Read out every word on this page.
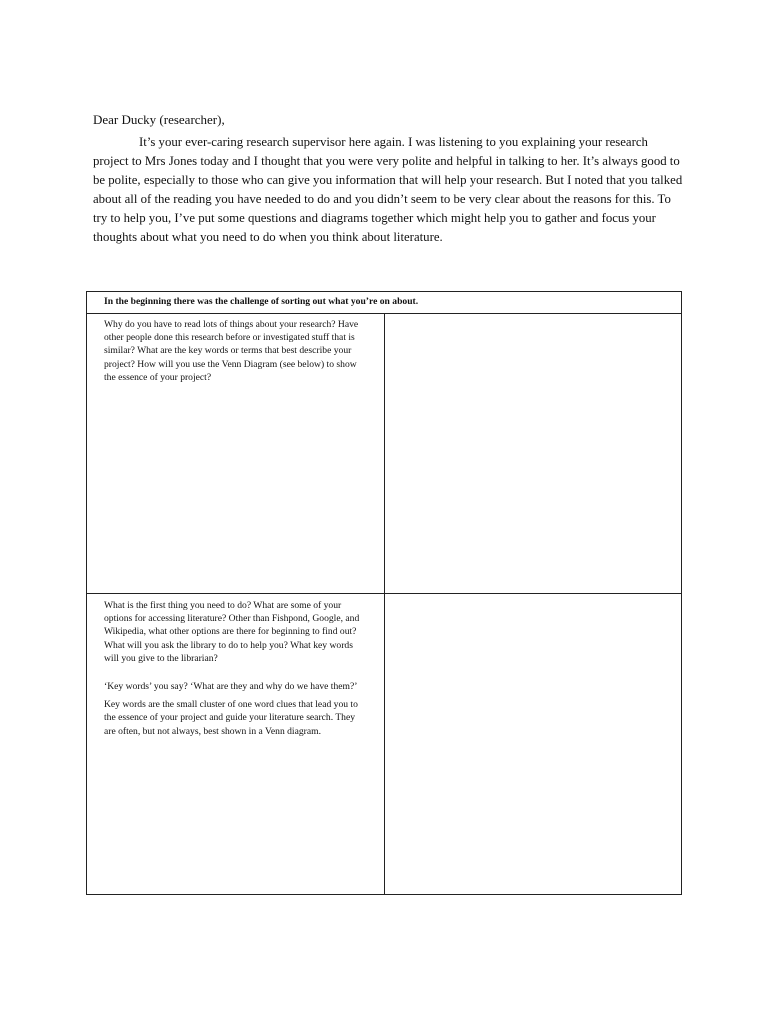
Dear Ducky (researcher),

It’s your ever-caring research supervisor here again. I was listening to you explaining your research project to Mrs Jones today and I thought that you were very polite and helpful in talking to her. It’s always good to be polite, especially to those who can give you information that will help your research. But I noted that you talked about all of the reading you have needed to do and you didn’t seem to be very clear about the reasons for this. To try to help you, I’ve put some questions and diagrams together which might help you to gather and focus your thoughts about what you need to do when you think about literature.

In the beginning there was the challenge of sorting out what you’re on about.

Why do you have to read lots of things about your research? Have other people done this research before or investigated stuff that is similar? What are the key words or terms that best describe your project? How will you use the Venn Diagram (see below) to show the essence of your project?

What is the first thing you need to do? What are some of your options for accessing literature? Other than Fishpond, Google, and Wikipedia, what other options are there for beginning to find out? What will you ask the library to do to help you? What key words will you give to the librarian?

‘Key words’ you say? ‘What are they and why do we have them?’

Key words are the small cluster of one word clues that lead you to the essence of your project and guide your literature search. They are often, but not always, best shown in a Venn diagram.
